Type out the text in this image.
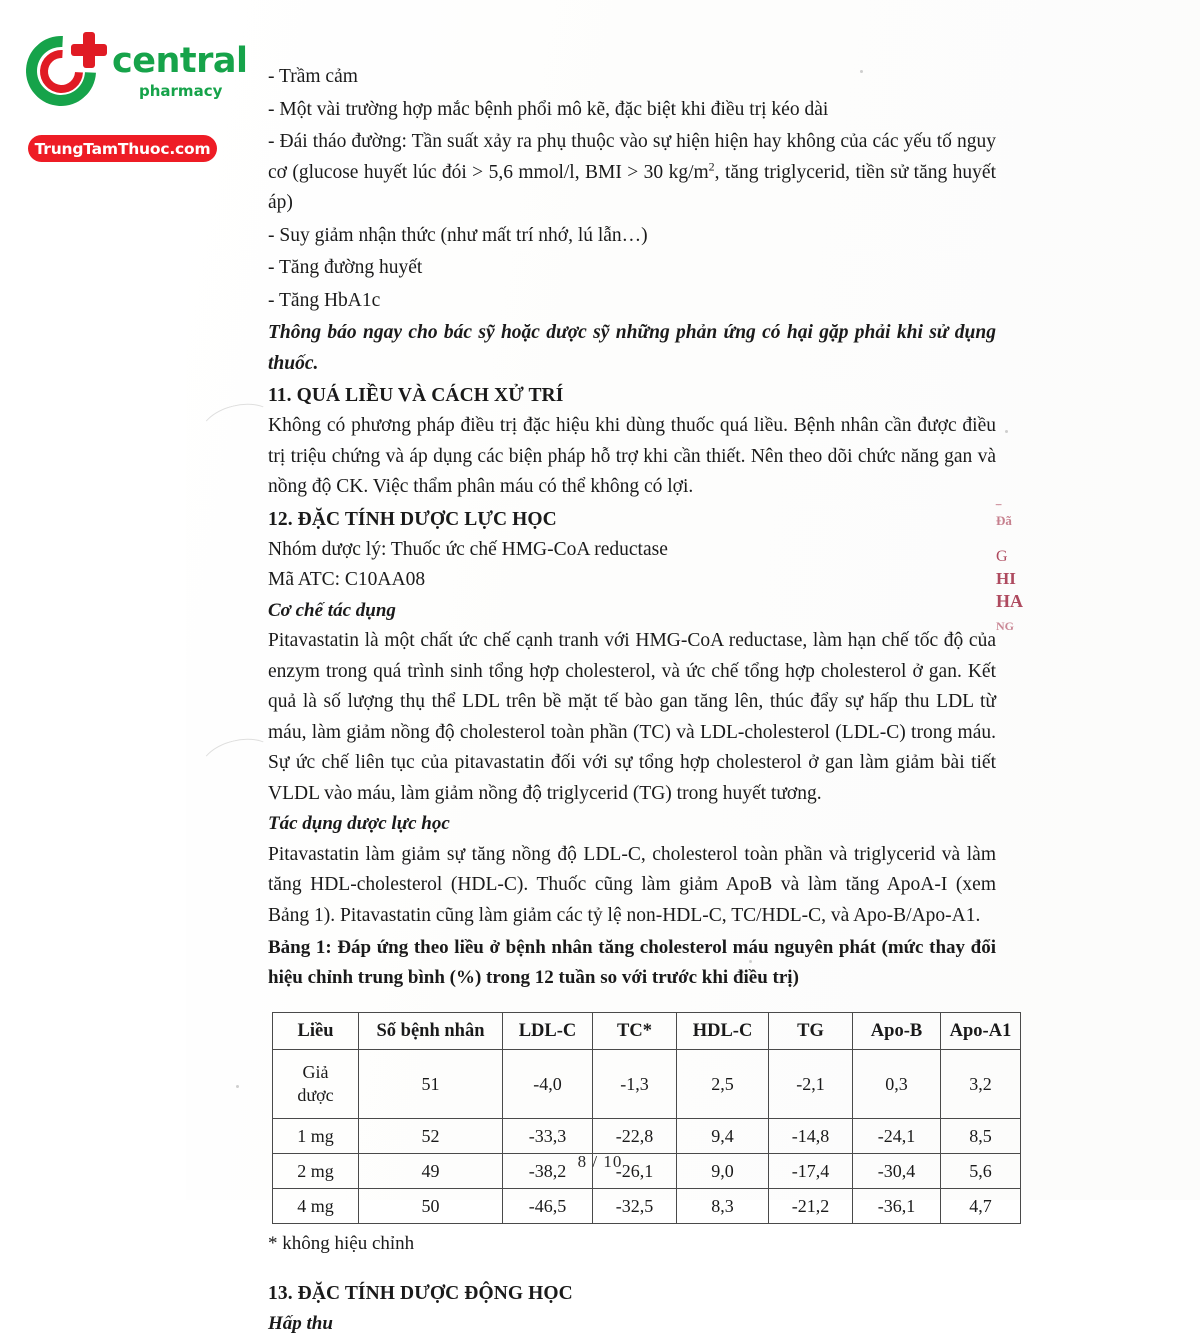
central
pharmacy
TrungTamThuoc.com
ــ
Đã
G
HI
HA
NG

- Trầm cảm

- Một vài trường hợp mắc bệnh phổi mô kẽ, đặc biệt khi điều trị kéo dài

- Đái tháo đường: Tần suất xảy ra phụ thuộc vào sự hiện hiện hay không của các yếu tố nguy cơ (glucose huyết lúc đói > 5,6 mmol/l, BMI > 30 $kg/m^2$, tăng triglycerid, tiền sử tăng huyết áp)

- Suy giảm nhận thức (như mất trí nhớ, lú lẫn…)

- Tăng đường huyết

- Tăng HbA1c

Thông báo ngay cho bác sỹ hoặc dược sỹ những phản ứng có hại gặp phải khi sử dụng thuốc.

11. QUÁ LIỀU VÀ CÁCH XỬ TRÍ

Không có phương pháp điều trị đặc hiệu khi dùng thuốc quá liều. Bệnh nhân cần được điều trị triệu chứng và áp dụng các biện pháp hỗ trợ khi cần thiết. Nên theo dõi chức năng gan và nồng độ CK. Việc thẩm phân máu có thể không có lợi.

12. ĐẶC TÍNH DƯỢC LỰC HỌC

Nhóm dược lý: Thuốc ức chế HMG-CoA reductase

Mã ATC: C10AA08

Cơ chế tác dụng

Pitavastatin là một chất ức chế cạnh tranh với HMG-CoA reductase, làm hạn chế tốc độ của enzym trong quá trình sinh tổng hợp cholesterol, và ức chế tổng hợp cholesterol ở gan. Kết quả là số lượng thụ thể LDL trên bề mặt tế bào gan tăng lên, thúc đẩy sự hấp thu LDL từ máu, làm giảm nồng độ cholesterol toàn phần (TC) và LDL-cholesterol (LDL-C) trong máu. Sự ức chế liên tục của pitavastatin đối với sự tổng hợp cholesterol ở gan làm giảm bài tiết VLDL vào máu, làm giảm nồng độ triglycerid (TG) trong huyết tương.

Tác dụng dược lực học

Pitavastatin làm giảm sự tăng nồng độ LDL-C, cholesterol toàn phần và triglycerid và làm tăng HDL-cholesterol (HDL-C). Thuốc cũng làm giảm ApoB và làm tăng ApoA-I (xem Bảng 1). Pitavastatin cũng làm giảm các tỷ lệ non-HDL-C, TC/HDL-C, và Apo-B/Apo-A1.

Bảng 1: Đáp ứng theo liều ở bệnh nhân tăng cholesterol máu nguyên phát (mức thay đổi hiệu chỉnh trung bình (%) trong 12 tuần so với trước khi điều trị)

Liều	Số bệnh nhân	LDL-C	TC*	HDL-C	TG	Apo-B	Apo-A1

Giả
dược	51	-4,0	-1,3	2,5	-2,1	0,3	3,2
1 mg	52	-33,3	-22,8	9,4	-14,8	-24,1	8,5
2 mg	49	-38,2	-26,1	9,0	-17,4	-30,4	5,6
4 mg	50	-46,5	-32,5	8,3	-21,2	-36,1	4,7

* không hiệu chỉnh

13. ĐẶC TÍNH DƯỢC ĐỘNG HỌC

Hấp thu

8 / 10
